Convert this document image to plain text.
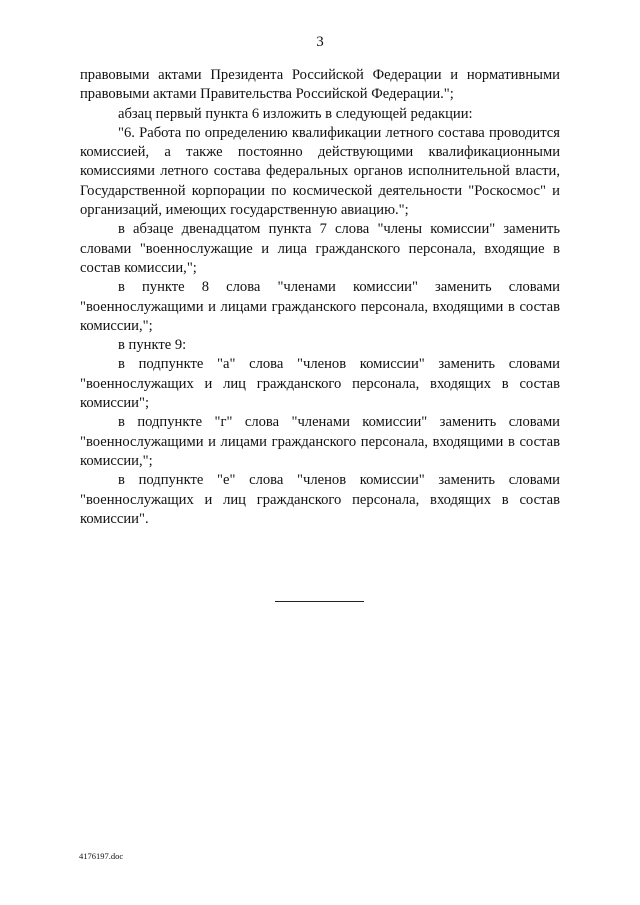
3

правовыми актами Президента Российской Федерации и нормативными правовыми актами Правительства Российской Федерации.";

абзац первый пункта 6 изложить в следующей редакции:

"6. Работа по определению квалификации летного состава проводится комиссией, а также постоянно действующими квалификационными комиссиями летного состава федеральных органов исполнительной власти, Государственной корпорации по космической деятельности "Роскосмос" и организаций, имеющих государственную авиацию.";

в абзаце двенадцатом пункта 7 слова "члены комиссии" заменить словами "военнослужащие и лица гражданского персонала, входящие в состав комиссии,";

в пункте 8 слова "членами комиссии" заменить словами "военнослужащими и лицами гражданского персонала, входящими в состав комиссии,";

в пункте 9:

в подпункте "а" слова "членов комиссии" заменить словами "военнослужащих и лиц гражданского персонала, входящих в состав комиссии";

в подпункте "г" слова "членами комиссии" заменить словами "военнослужащими и лицами гражданского персонала, входящими в состав комиссии,";

в подпункте "е" слова "членов комиссии" заменить словами "военнослужащих и лиц гражданского персонала, входящих в состав комиссии".

4176197.doc
